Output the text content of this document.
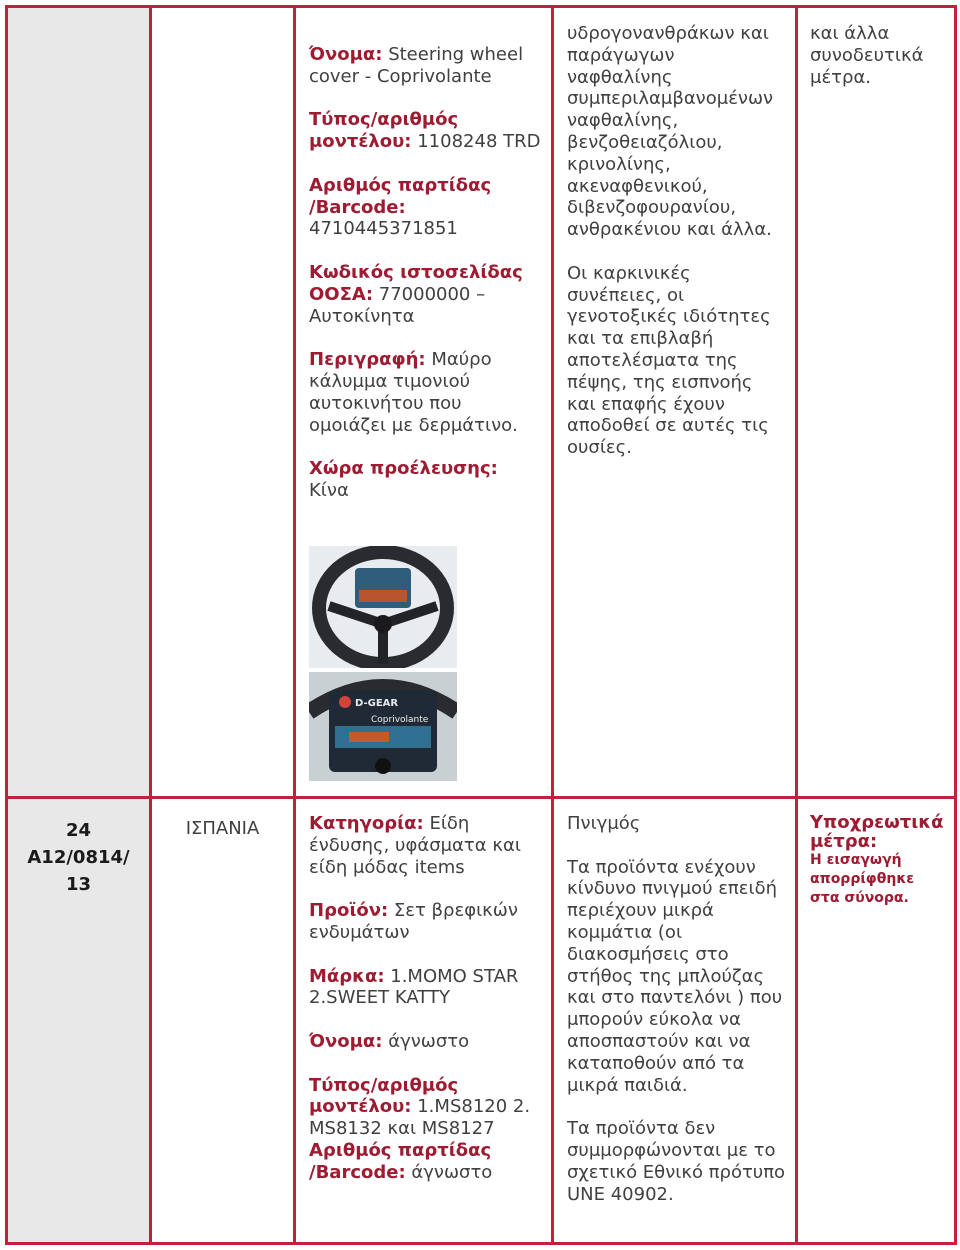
Όνομα: Steering wheel cover - Coprivolante

Τύπος/αριθμός μοντέλου: 1108248 TRD

Αριθμός παρτίδας /Barcode: 4710445371851

Κωδικός ιστοσελίδας ΟΟΣΑ: 77000000 – Αυτοκίνητα

Περιγραφή: Μαύρο κάλυμμα τιμονιού αυτοκινήτου που ομοιάζει με δερμάτινο.

Χώρα προέλευσης:
Κίνα

D-GEAR
Coprivolante

υδρογονανθράκων και παράγωγων ναφθαλίνης συμπεριλαμβανομένων ναφθαλίνης, βενζοθειαζόλιου, κρινολίνης, ακεναφθενικού, διβενζοφουρανίου, ανθρακένιου και άλλα.

Οι καρκινικές συνέπειες, οι γενοτοξικές ιδιότητες και τα επιβλαβή αποτελέσματα της πέψης, της εισπνοής και επαφής έχουν αποδοθεί σε αυτές τις ουσίες.

και άλλα συνοδευτικά μέτρα.
24
A12/0814/
13
ΙΣΠΑΝΙΑ	Κατηγορία: Είδη ένδυσης, υφάσματα και είδη μόδας items

Προϊόν: Σετ βρεφικών ενδυμάτων

Μάρκα: 1.MOMO STAR 2.SWEET KATTY

Όνομα: άγνωστο

Τύπος/αριθμός μοντέλου: 1.MS8120 2. MS8132 και MS8127

Αριθμός παρτίδας /Barcode: άγνωστο

Πνιγμός

Τα προϊόντα ενέχουν κίνδυνο πνιγμού επειδή περιέχουν μικρά κομμάτια (οι διακοσμήσεις στο στήθος της μπλούζας και στο παντελόνι ) που μπορούν εύκολα να αποσπαστούν και να καταποθούν από τα μικρά παιδιά.

Τα προϊόντα δεν συμμορφώνονται με το σχετικό Εθνικό πρότυπο UNE 40902.

Υποχρεωτικά μέτρα:
Η εισαγωγή απορρίφθηκε στα σύνορα.
